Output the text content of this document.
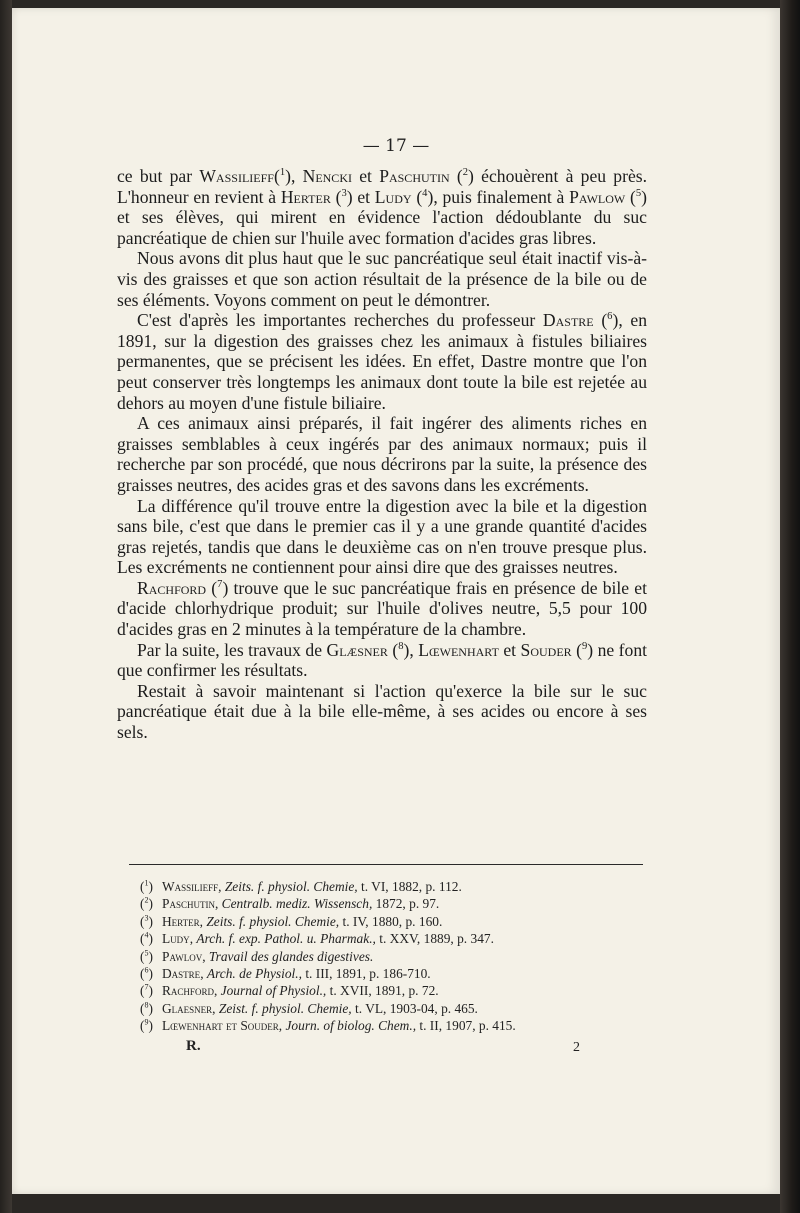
— 17 —

ce but par Wassilieff($^1$), Nencki et Paschutin ($^2$) échouèrent à peu près. L'honneur en revient à Herter ($^3$) et Ludy ($^4$), puis finalement à Pawlow ($^5$) et ses élèves, qui mirent en évidence l'action dédoublante du suc pancréatique de chien sur l'huile avec formation d'acides gras libres.

Nous avons dit plus haut que le suc pancréatique seul était inactif vis-à-vis des graisses et que son action résultait de la présence de la bile ou de ses éléments. Voyons comment on peut le démontrer.

C'est d'après les importantes recherches du professeur Dastre ($^6$), en 1891, sur la digestion des graisses chez les animaux à fistules biliaires permanentes, que se précisent les idées. En effet, Dastre montre que l'on peut conserver très longtemps les animaux dont toute la bile est rejetée au dehors au moyen d'une fistule biliaire.

A ces animaux ainsi préparés, il fait ingérer des aliments riches en graisses semblables à ceux ingérés par des animaux normaux; puis il recherche par son procédé, que nous décrirons par la suite, la présence des graisses neutres, des acides gras et des savons dans les excréments.

La différence qu'il trouve entre la digestion avec la bile et la digestion sans bile, c'est que dans le premier cas il y a une grande quantité d'acides gras rejetés, tandis que dans le deuxième cas on n'en trouve presque plus. Les excréments ne contiennent pour ainsi dire que des graisses neutres.

Rachford ($^7$) trouve que le suc pancréatique frais en présence de bile et d'acide chlorhydrique produit; sur l'huile d'olives neutre, 5,5 pour 100 d'acides gras en 2 minutes à la température de la chambre.

Par la suite, les travaux de Glæsner ($^8$), Lœwenhart et Souder ($^9$) ne font que confirmer les résultats.

Restait à savoir maintenant si l'action qu'exerce la bile sur le suc pancréatique était due à la bile elle-même, à ses acides ou encore à ses sels.

($^1$) Wassilieff, Zeits. f. physiol. Chemie, t. VI, 1882, p. 112.
($^2$) Paschutin, Centralb. mediz. Wissensch, 1872, p. 97.
($^3$) Herter, Zeits. f. physiol. Chemie, t. IV, 1880, p. 160.
($^4$) Ludy, Arch. f. exp. Pathol. u. Pharmak., t. XXV, 1889, p. 347.
($^5$) Pawlov, Travail des glandes digestives.
($^6$) Dastre, Arch. de Physiol., t. III, 1891, p. 186-710.
($^7$) Rachford, Journal of Physiol., t. XVII, 1891, p. 72.
($^8$) Glaesner, Zeist. f. physiol. Chemie, t. VL, 1903-04, p. 465.
($^9$) Lœwenhart et Souder, Journ. of biolog. Chem., t. II, 1907, p. 415.
R.	2
